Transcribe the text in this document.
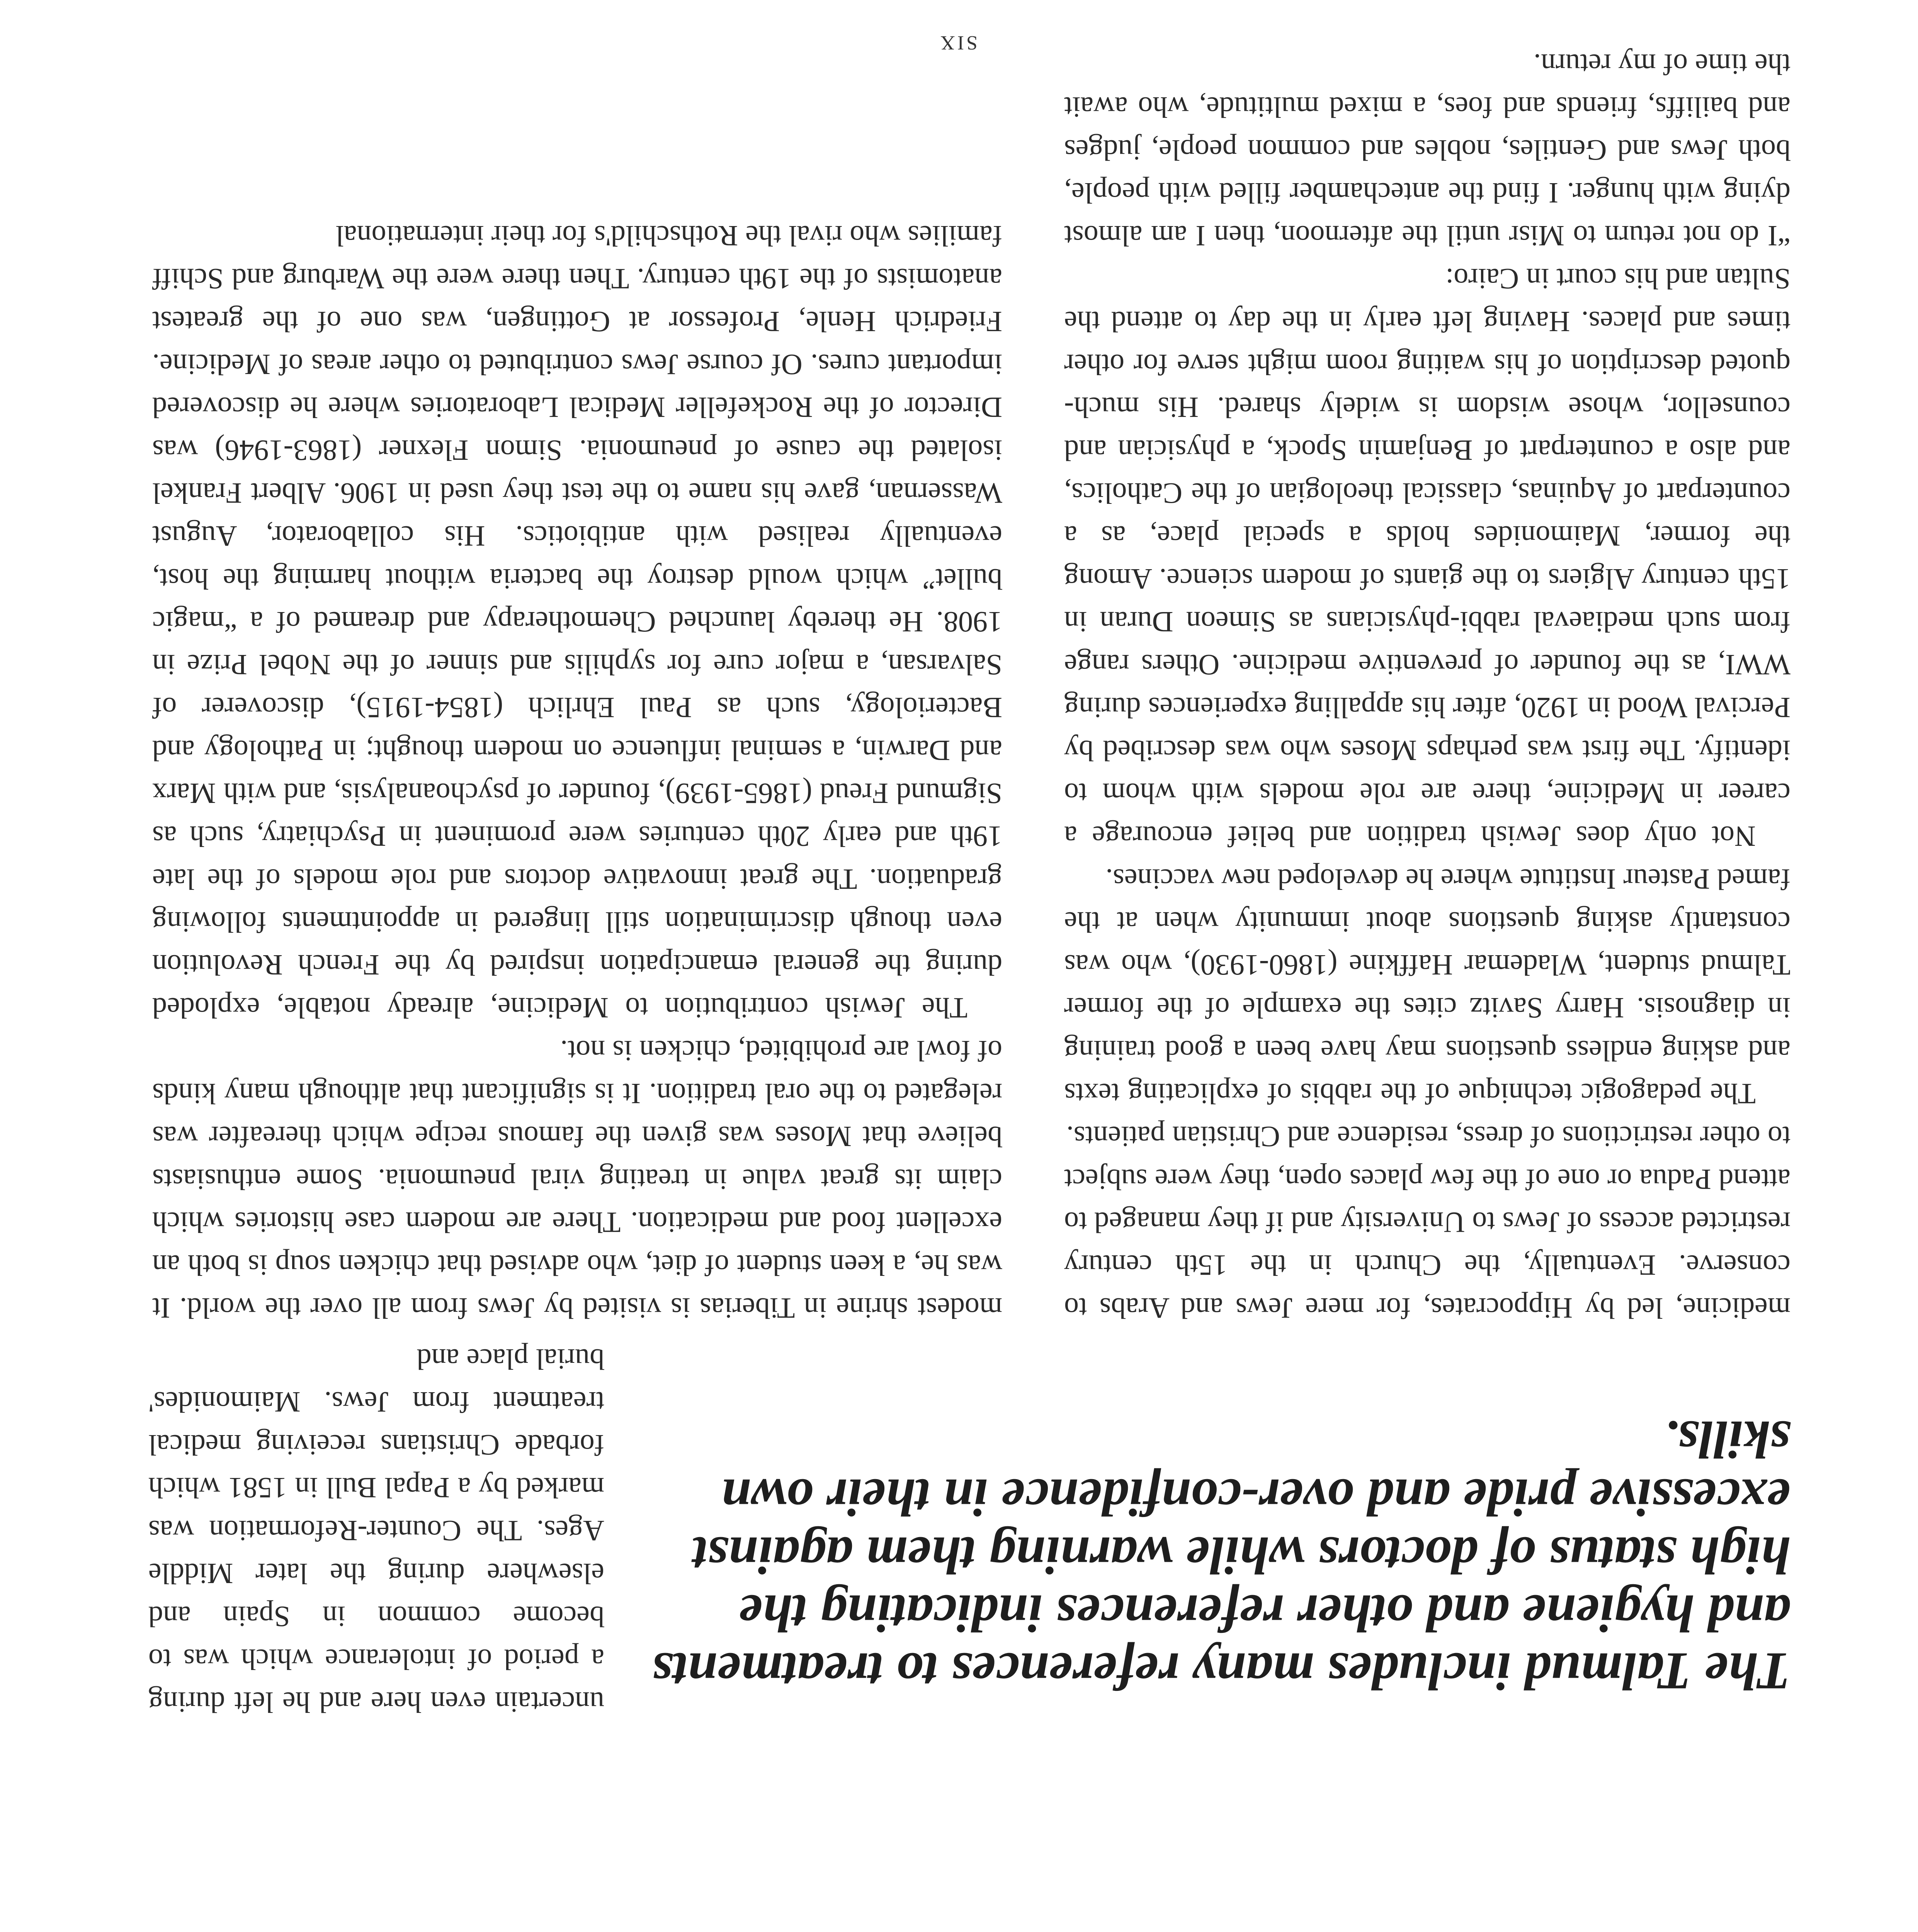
The Talmud includes many references to treatments and hygiene and other references indicating the high status of doctors while warning them against excessive pride and over-confidence in their own skills.

medicine, led by Hippocrates, for mere Jews and Arabs to conserve. Eventually, the Church in the 15th century restricted access of Jews to University and if they managed to attend Padua or one of the few places open, they were subject to other restrictions of dress, residence and Christian patients.

The pedagogic technique of the rabbis of explicating texts and asking endless questions may have been a good training in diagnosis. Harry Savitz cites the example of the former Talmud student, Wlademar Haffkine (1860-1930), who was constantly asking questions about immunity when at the famed Pasteur Institute where he developed new vaccines.

Not only does Jewish tradition and belief encourage a career in Medicine, there are role models with whom to identify. The first was perhaps Moses who was described by Percival Wood in 1920, after his appalling experiences during WWI, as the founder of preventive medicine. Others range from such mediaeval rabbi-physicians as Simeon Duran in 15th century Algiers to the giants of modern science. Among the former, Maimonides holds a special place, as a counterpart of Aquinas, classical theologian of the Catholics, and also a counterpart of Benjamin Spock, a physician and counsellor, whose wisdom is widely shared. His much-quoted description of his waiting room might serve for other times and places. Having left early in the day to attend the Sultan and his court in Cairo:

“I do not return to Misr until the afternoon, then I am almost dying with hunger. I find the antechamber filled with people, both Jews and Gentiles, nobles and common people, judges and bailiffs, friends and foes, a mixed multitude, who await the time of my return.

uncertain even here and he left during a period of intolerance which was to become common in Spain and elsewhere during the later Middle Ages. The Counter-Reformation was marked by a Papal Bull in 1581 which forbade Christians receiving medical treatment from Jews. Maimonides' burial place and

modest shrine in Tiberias is visited by Jews from all over the world. It was he, a keen student of diet, who advised that chicken soup is both an excellent food and medication. There are modern case histories which claim its great value in treating viral pneumonia. Some enthusiasts believe that Moses was given the famous recipe which thereafter was relegated to the oral tradition. It is significant that although many kinds of fowl are prohibited, chicken is not.

The Jewish contribution to Medicine, already notable, exploded during the general emancipation inspired by the French Revolution even though discrimination still lingered in appointments following graduation. The great innovative doctors and role models of the late 19th and early 20th centuries were prominent in Psychiatry, such as Sigmund Freud (1865-1939), founder of psychoanalysis, and with Marx and Darwin, a seminal influence on modern thought; in Pathology and Bacteriology, such as Paul Ehrlich (1854-1915), discoverer of Salvarsan, a major cure for syphilis and sinner of the Nobel Prize in 1908. He thereby launched Chemotherapy and dreamed of a “magic bullet” which would destroy the bacteria without harming the host, eventually realised with antibiotics. His collaborator, August Wassernan, gave his name to the test they used in 1906. Albert Frankel isolated the cause of pneumonia. Simon Flexner (1863-1946) was Director of the Rockefeller Medical Laboratories where he discovered important cures. Of course Jews contributed to other areas of Medicine. Friedrich Henle, Professor at Gottingen, was one of the greatest anatomists of the 19th century. Then there were the Warburg and Schiff families who rival the Rothschild's for their international

SIX
